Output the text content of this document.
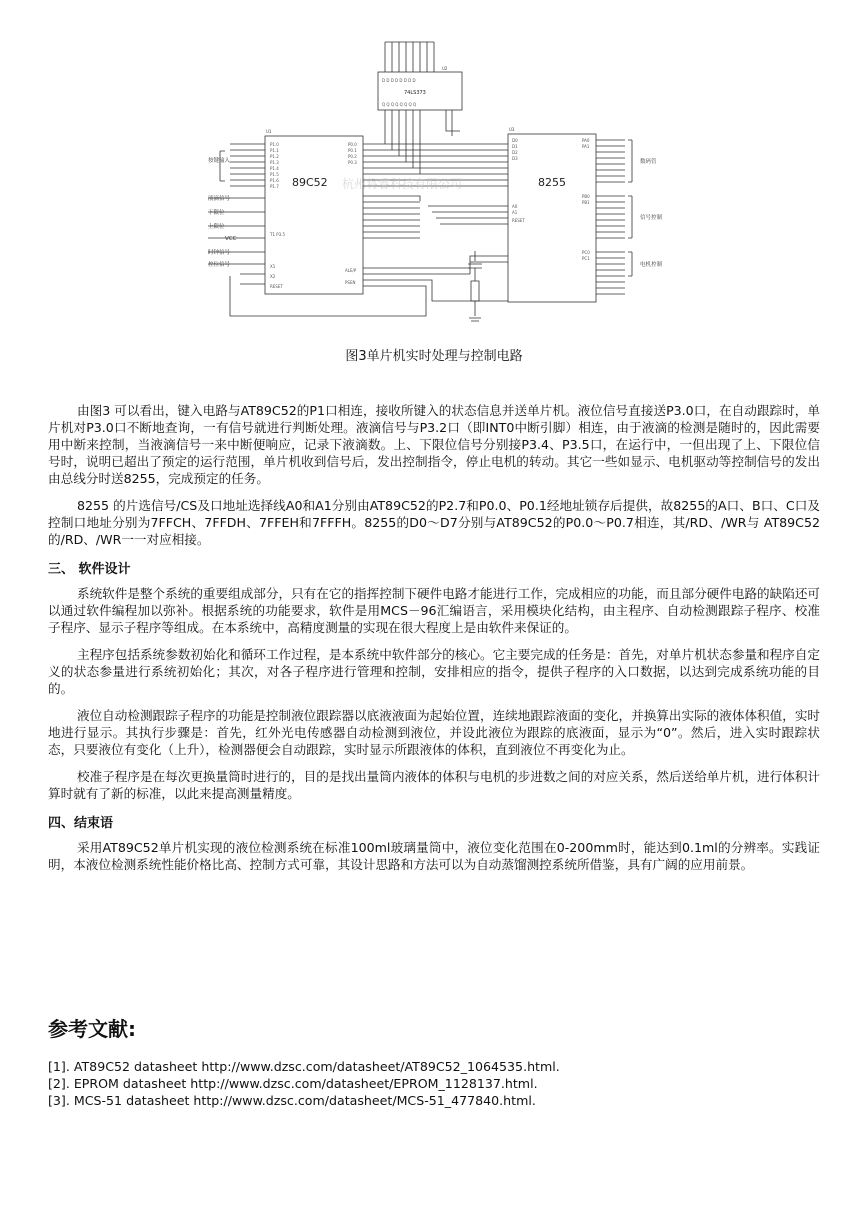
D D D D D D D D
Q Q Q Q Q Q Q Q
P1.0
P1.1
P1.2
P1.3
P1.4
P1.5
P1.6
P1.7
T1 P3.5
X1
X2
RESET
P0.0
P0.1
P0.2
P0.3
ALE/P
PSEN
D0
D1
D2
D3
A0
A1
RESET
PA0
PA1
PB0
PB1
PC0
PC1
89C52	8255
74LS373
U1
U2
U3
按键输入
液滴信号
下限位
上限位
VCC
时钟信号
控位信号
数码管
信号控制
电机控制
杭州将睿科技有限公司
图3单片机实时处理与控制电路

由图3 可以看出，键入电路与AT89C52的P1口相连，接收所键入的状态信息并送单片机。液位信号直接送P3.0口，在自动跟踪时，单片机对P3.0口不断地查询，一有信号就进行判断处理。液滴信号与P3.2口（即INT0中断引脚）相连，由于液滴的检测是随时的，因此需要用中断来控制，当液滴信号一来中断便响应，记录下液滴数。上、下限位信号分别接P3.4、P3.5口，在运行中，一但出现了上、下限位信号时，说明已超出了预定的运行范围，单片机收到信号后，发出控制指令，停止电机的转动。其它一些如显示、电机驱动等控制信号的发出由总线分时送8255，完成预定的任务。

8255 的片选信号/CS及口地址选择线A0和A1分别由AT89C52的P2.7和P0.0、P0.1经地址锁存后提供，故8255的A口、B口、C口及控制口地址分别为7FFCH、7FFDH、7FFEH和7FFFH。8255的D0～D7分别与AT89C52的P0.0～P0.7相连，其/RD、/WR与 AT89C52的/RD、/WR一一对应相接。

三、 软件设计

系统软件是整个系统的重要组成部分，只有在它的指挥控制下硬件电路才能进行工作，完成相应的功能，而且部分硬件电路的缺陷还可以通过软件编程加以弥补。根据系统的功能要求，软件是用MCS－96汇编语言，采用模块化结构，由主程序、自动检测跟踪子程序、校准子程序、显示子程序等组成。在本系统中，高精度测量的实现在很大程度上是由软件来保证的。

主程序包括系统参数初始化和循环工作过程，是本系统中软件部分的核心。它主要完成的任务是：首先，对单片机状态参量和程序自定义的状态参量进行系统初始化；其次，对各子程序进行管理和控制，安排相应的指令，提供子程序的入口数据，以达到完成系统功能的目的。

液位自动检测跟踪子程序的功能是控制液位跟踪器以底液液面为起始位置，连续地跟踪液面的变化，并换算出实际的液体体积值，实时地进行显示。其执行步骤是：首先，红外光电传感器自动检测到液位，并设此液位为跟踪的底液面，显示为“0”。然后，进入实时跟踪状态，只要液位有变化（上升），检测器便会自动跟踪，实时显示所跟液体的体积，直到液位不再变化为止。

校准子程序是在每次更换量筒时进行的，目的是找出量筒内液体的体积与电机的步进数之间的对应关系，然后送给单片机，进行体积计算时就有了新的标准，以此来提高测量精度。

四、结束语

采用AT89C52单片机实现的液位检测系统在标准100ml玻璃量筒中，液位变化范围在0-200mm时，能达到0.1ml的分辨率。实践证明，本液位检测系统性能价格比高、控制方式可靠，其设计思路和方法可以为自动蒸馏测控系统所借鉴，具有广阔的应用前景。

参考文献:
[1]. AT89C52 datasheet http://www.dzsc.com/datasheet/AT89C52_1064535.html.
[2]. EPROM datasheet http://www.dzsc.com/datasheet/EPROM_1128137.html.
[3]. MCS-51 datasheet http://www.dzsc.com/datasheet/MCS-51_477840.html.
